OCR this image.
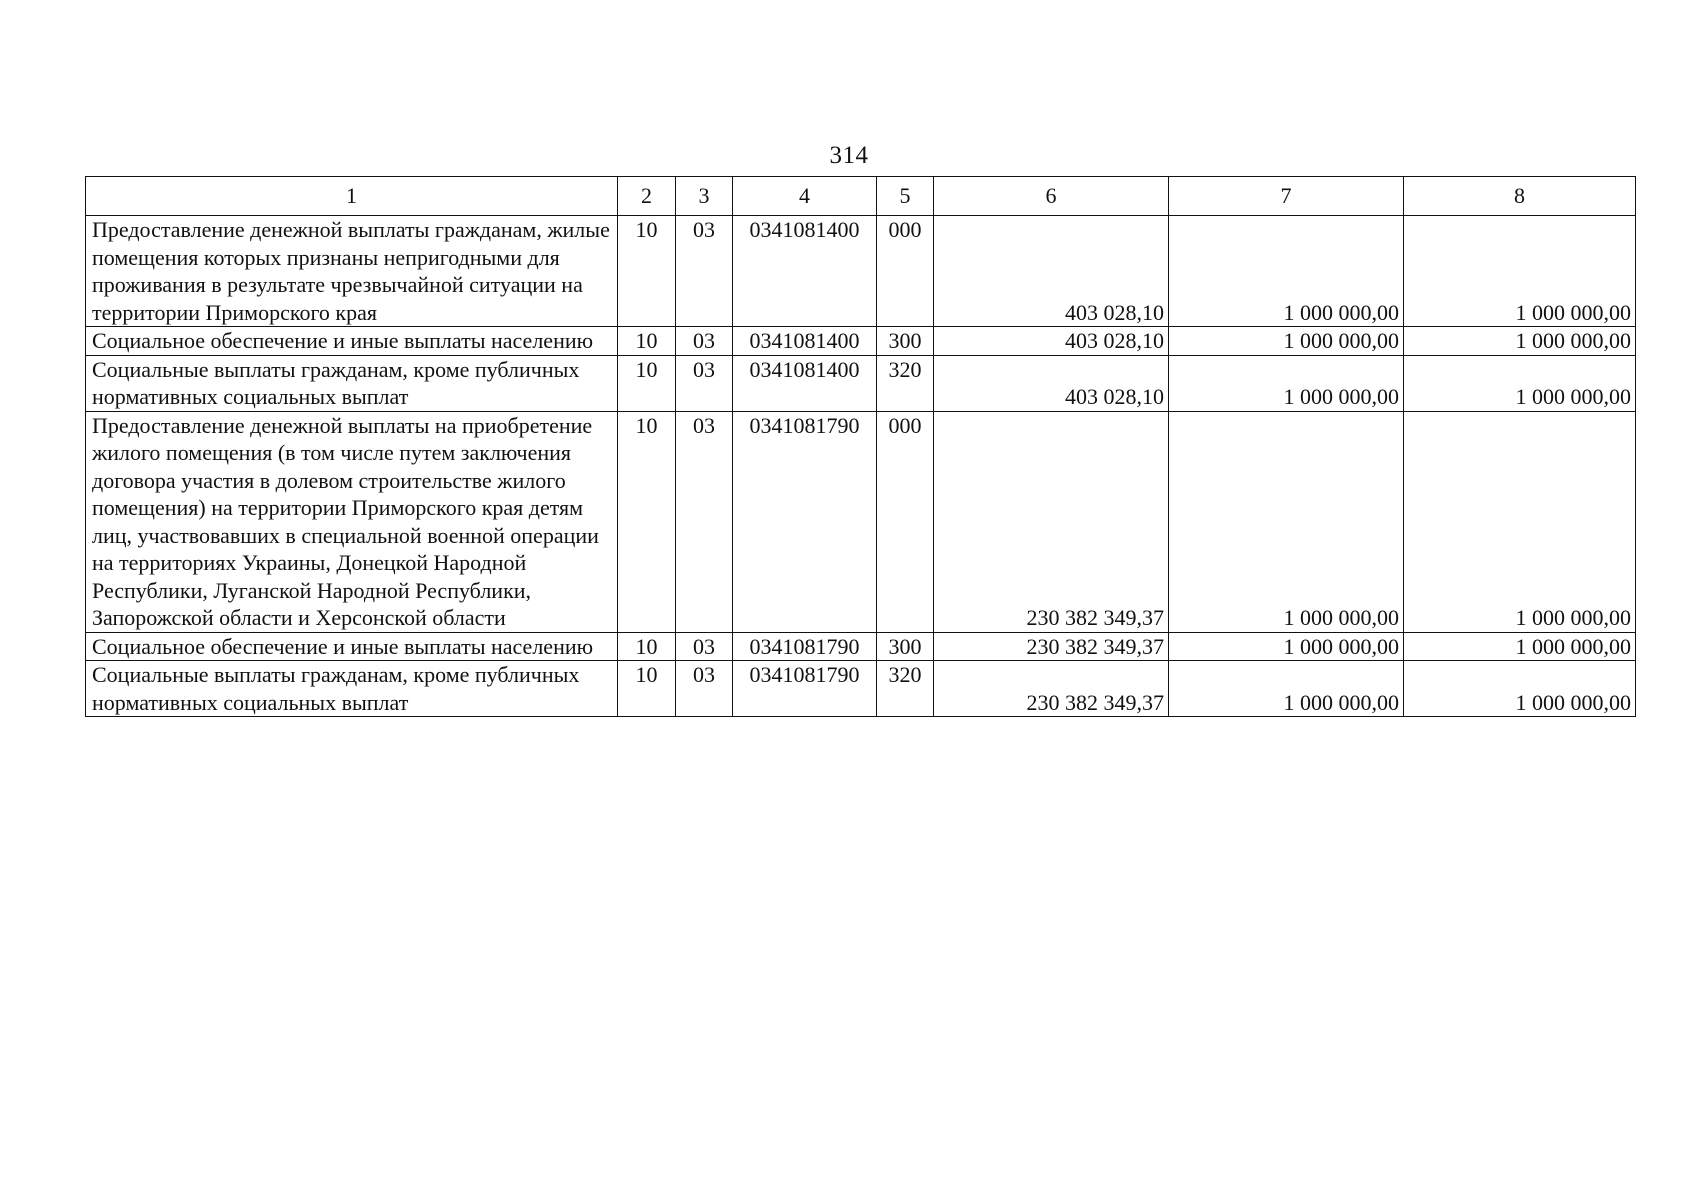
314
1	2	3	4	5	6	7	8
Предоставление денежной выплаты гражданам, жилые помещения которых признаны непригодными для проживания в результате чрезвычайной ситуации на территории Приморского края	10	03	0341081400	000	403 028,10	1 000 000,00	1 000 000,00
Социальное обеспечение и иные выплаты населению	10	03	0341081400	300	403 028,10	1 000 000,00	1 000 000,00
Социальные выплаты гражданам, кроме публичных нормативных социальных выплат	10	03	0341081400	320	403 028,10	1 000 000,00	1 000 000,00
Предоставление денежной выплаты на приобретение жилого помещения (в том числе путем заключения договора участия в долевом строительстве жилого помещения) на территории Приморского края детям лиц, участвовавших в специальной военной операции на территориях Украины, Донецкой Народной Республики, Луганской Народной Республики, Запорожской области и Херсонской области	10	03	0341081790	000	230 382 349,37	1 000 000,00	1 000 000,00
Социальное обеспечение и иные выплаты населению	10	03	0341081790	300	230 382 349,37	1 000 000,00	1 000 000,00
Социальные выплаты гражданам, кроме публичных нормативных социальных выплат	10	03	0341081790	320	230 382 349,37	1 000 000,00	1 000 000,00
